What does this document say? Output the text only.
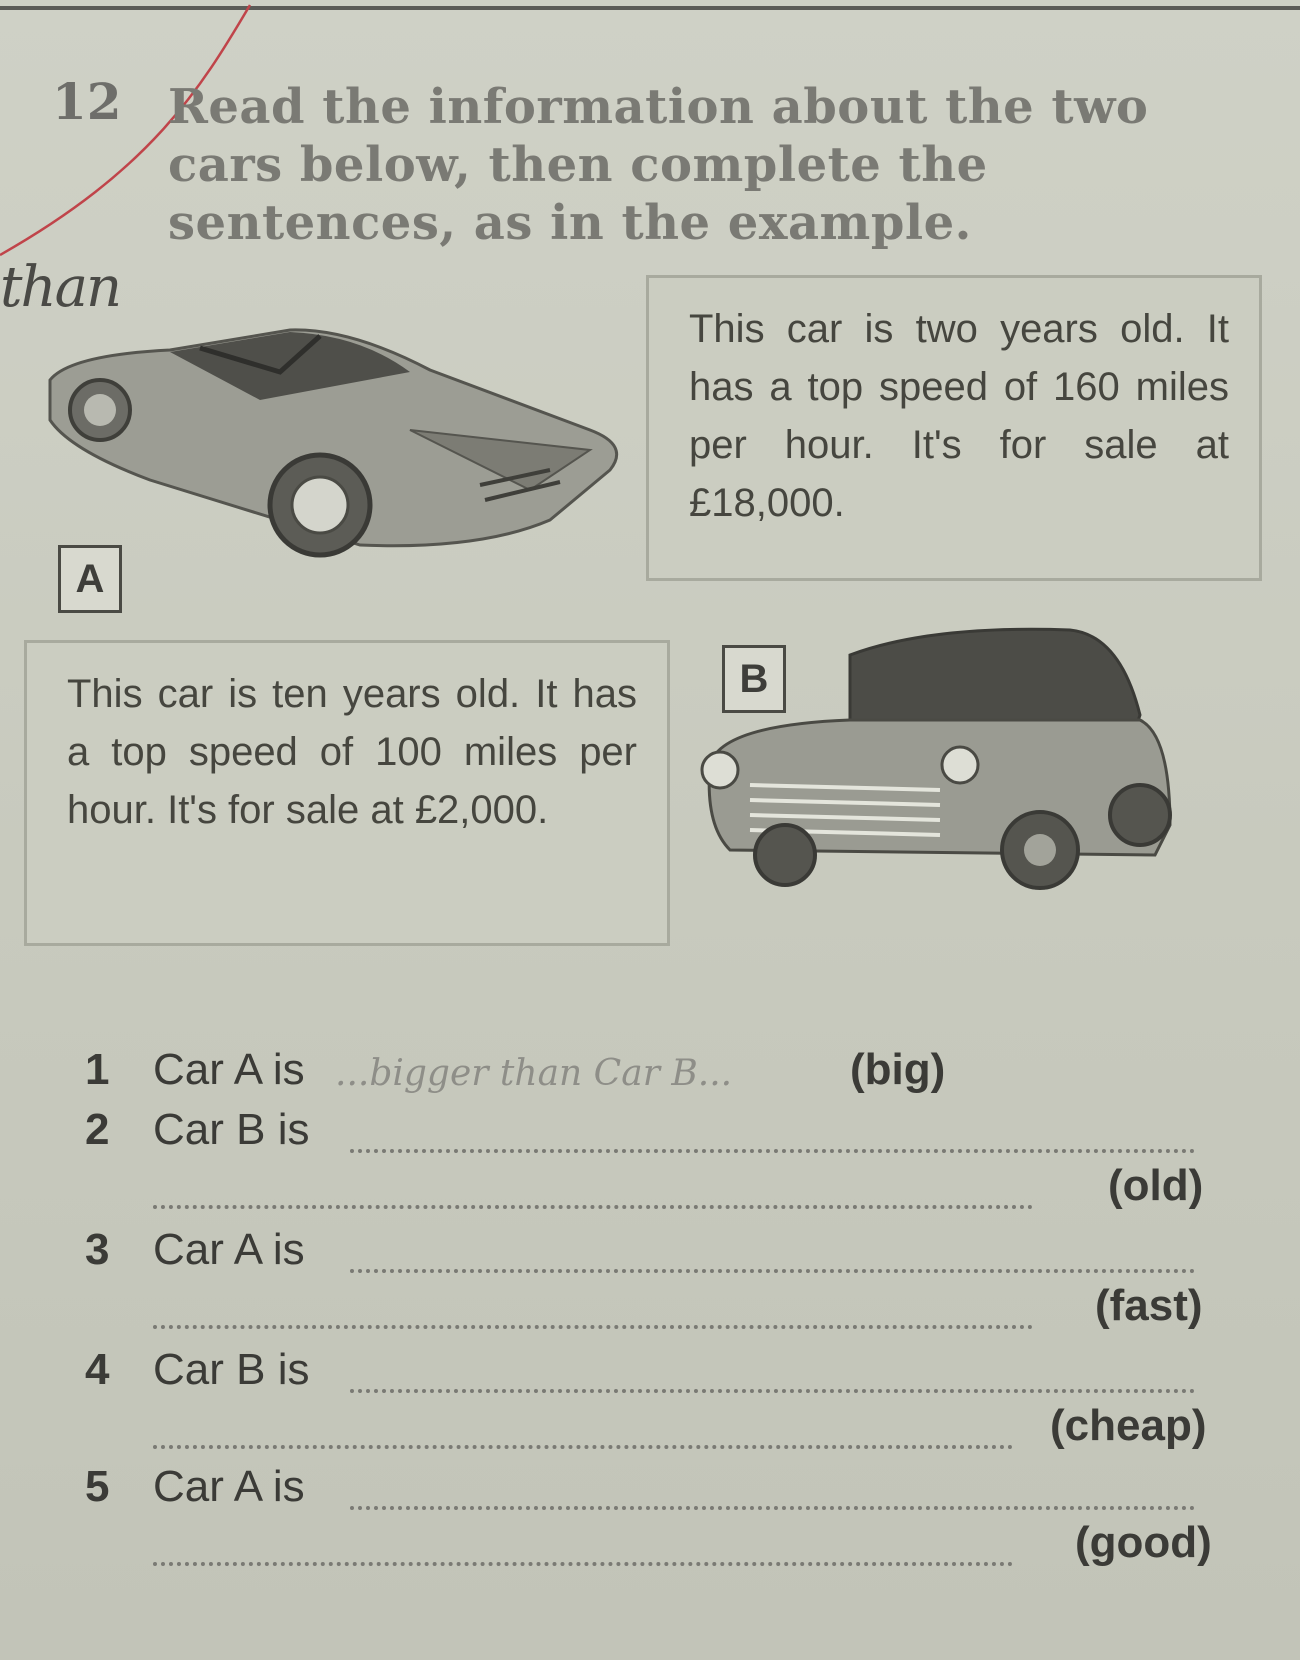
than
12 Read the information about the two cars below, then complete the sentences, as in the example.
This car is two years old. It has a top speed of 160 miles per hour. It's for sale at £18,000.
A
This car is ten years old. It has a top speed of 100 miles per hour. It's for sale at £2,000.
B
1 Car A is ...bigger than Car B...	(big)
2 Car B is
(old)
3 Car A is
(fast)
4 Car B is
(cheap)
5 Car A is
(good)
